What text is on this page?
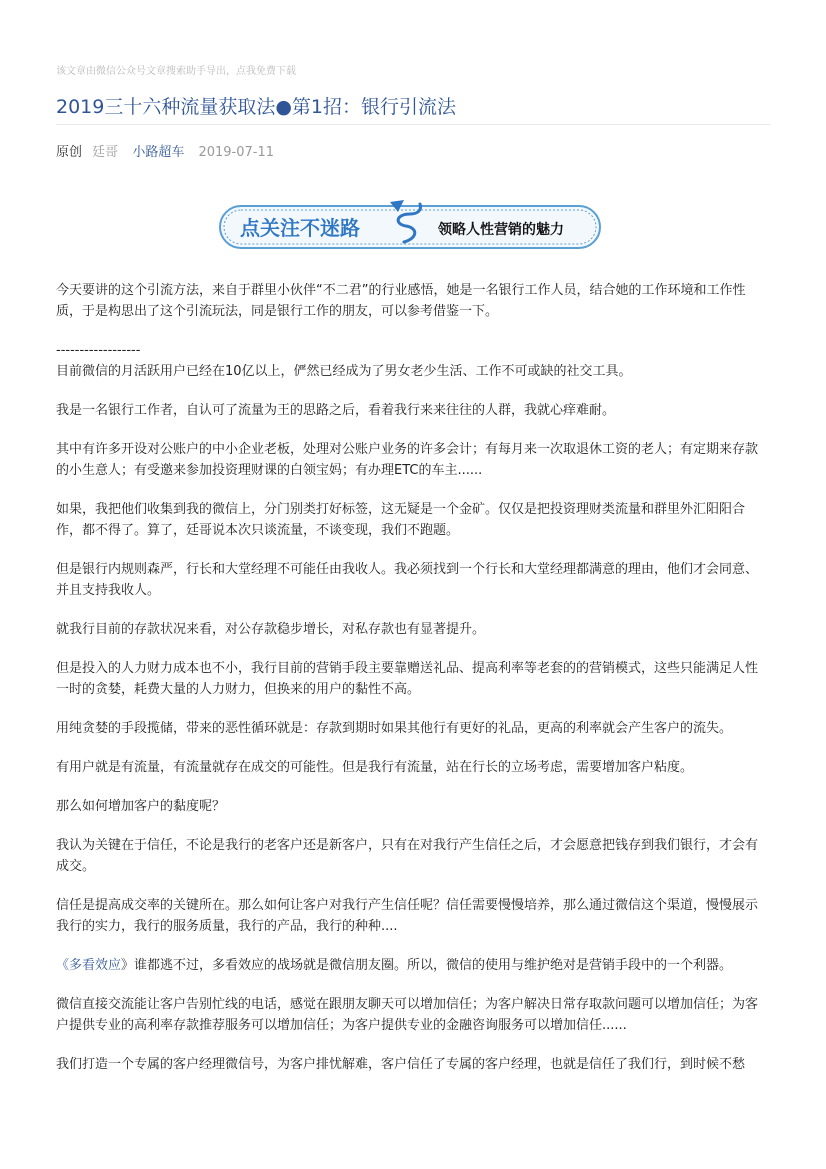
该文章由微信公众号文章搜索助手导出，点我免费下载
2019三十六种流量获取法●第1招：银行引流法
原创 廷哥 小路超车 2019-07-11
点关注不迷路	领略人性营销的魅力

今天要讲的这个引流方法，来自于群里小伙伴“不二君”的行业感悟，她是一名银行工作人员，结合她的工作环境和工作性质，于是构思出了这个引流玩法，同是银行工作的朋友，可以参考借鉴一下。

------------------

目前微信的月活跃用户已经在10亿以上，俨然已经成为了男女老少生活、工作不可或缺的社交工具。

我是一名银行工作者，自认可了流量为王的思路之后，看着我行来来往往的人群，我就心痒难耐。

其中有许多开设对公账户的中小企业老板，处理对公账户业务的许多会计；有每月来一次取退休工资的老人；有定期来存款的小生意人；有受邀来参加投资理财课的白领宝妈；有办理ETC的车主......

如果，我把他们收集到我的微信上，分门别类打好标签，这无疑是一个金矿。仅仅是把投资理财类流量和群里外汇阳阳合作，都不得了。算了，廷哥说本次只谈流量，不谈变现，我们不跑题。

但是银行内规则森严，行长和大堂经理不可能任由我收人。我必须找到一个行长和大堂经理都满意的理由，他们才会同意、并且支持我收人。

就我行目前的存款状况来看，对公存款稳步增长，对私存款也有显著提升。

但是投入的人力财力成本也不小，我行目前的营销手段主要靠赠送礼品、提高利率等老套的的营销模式，这些只能满足人性一时的贪婪，耗费大量的人力财力，但换来的用户的黏性不高。

用纯贪婪的手段揽储，带来的恶性循环就是：存款到期时如果其他行有更好的礼品，更高的利率就会产生客户的流失。

有用户就是有流量，有流量就存在成交的可能性。但是我行有流量，站在行长的立场考虑，需要增加客户粘度。

那么如何增加客户的黏度呢？

我认为关键在于信任，不论是我行的老客户还是新客户，只有在对我行产生信任之后，才会愿意把钱存到我们银行，才会有成交。

信任是提高成交率的关键所在。那么如何让客户对我行产生信任呢？信任需要慢慢培养，那么通过微信这个渠道，慢慢展示我行的实力，我行的服务质量，我行的产品，我行的种种....

《多看效应》谁都逃不过，多看效应的战场就是微信朋友圈。所以，微信的使用与维护绝对是营销手段中的一个利器。

微信直接交流能让客户告别忙线的电话，感觉在跟朋友聊天可以增加信任；为客户解决日常存取款问题可以增加信任；为客户提供专业的高利率存款推荐服务可以增加信任；为客户提供专业的金融咨询服务可以增加信任......

我们打造一个专属的客户经理微信号，为客户排忧解难，客户信任了专属的客户经理，也就是信任了我们行，到时候不愁
